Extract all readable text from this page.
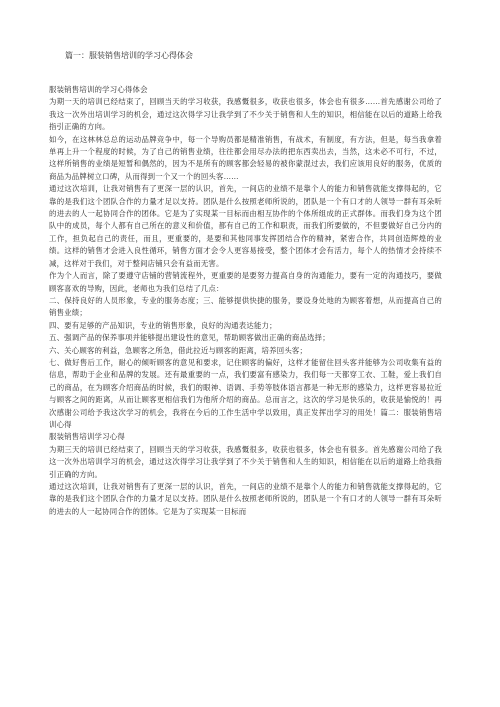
篇一：服装销售培训的学习心得体会

服装销售培训的学习心得体会

为期一天的培训已经结束了，回顾当天的学习收获，我感慨很多，收获也很多，体会也有很多……首先感谢公司给了我这一次外出培训学习的机会，通过这次得学习让我学到了不少关于销售和人生的知识，相信能在以后的道路上给我指引正确的方向。

如今，在这林林总总的运动品牌竞争中，每一个导购员都是精准销售，有战术，有制度，有方法，但是，每当我拿着单再上升一个程度的时候，为了自己的销售业绩，往往都会用尽办法的把东西卖出去，当然，这未必不可行，不过，这样所销售的业绩是短暂和偶然的，因为不是所有的顾客都会轻易的被你蒙混过去，我们应该用良好的服务，优质的商品为品牌树立口碑，从而得到一个又一个的回头客……

通过这次培训，让我对销售有了更深一层的认识，首先，一间店的业绩不是靠个人的能力和销售就能支撑得起的，它靠的是我们这个团队合作的力量才足以支持。团队是什么按照老师所说的，团队是一个有口才的人领导一群有耳朵听的进去的人一起协同合作的团体。它是为了实现某一目标而由相互协作的个体所组成的正式群体。而我们身为这个团队中的成员，每个人都有自己所在的意义和价值，都有自己的工作和职责，而我们所要做的，不但要做好自己分内的工作，担负起自己的责任，而且，更重要的，是要和其他同事发挥团结合作的精神，紧密合作，共同创造辉煌的业绩。这样的销售才会进入良性循环，销售方面才会令人更容易接受，整个团体才会有活力，每个人的热情才会持续不减，这样对于我们，对于整间店铺只会有益而无害。

作为个人而言，除了要遵守店铺的营销流程外，更重要的是要努力提高自身的沟通能力，要有一定的沟通技巧，要做顾客喜欢的导购，因此，老师也为我们总结了几点：

二、保持良好的人员形象，专业的服务态度；三、能够提供快捷的服务，要设身处地的为顾客着想，从而提高自己的销售业绩；

四、要有足够的产品知识，专业的销售形象，良好的沟通表达能力；

五、强调产品的保养事项并能够提出建设性的意见，帮助顾客做出正确的商品选择；

六、关心顾客的利益，急顾客之所急，借此拉近与顾客的距离，培养回头客；

七、做好售后工作，耐心的倾听顾客的意见和要求，记住顾客的偏好，这样才能留住回头客并能够为公司收集有益的信息，帮助于企业和品牌的发展。还有最重要的一点，我们要富有感染力，我们每一天都穿工衣、工鞋，爱上我们自己的商品，在为顾客介绍商品的时候，我们的眼神、语调、手势等肢体语言都是一种无形的感染力，这样更容易拉近与顾客之间的距离，从而让顾客更相信我们为他所介绍的商品。总而言之，这次的学习是快乐的，收获是愉悦的！再次感谢公司给予我这次学习的机会，我将在今后的工作生活中学以致用，真正发挥出学习的用处！篇二：服装销售培训心得

服装销售培训学习心得

为期三天的培训已经结束了，回顾当天的学习收获，我感慨很多，收获也很多，体会也有很多。首先感谢公司给了我这一次外出培训学习的机会，通过这次得学习让我学到了不少关于销售和人生的知识，相信能在以后的道路上给我指引正确的方向。

通过这次培训，让我对销售有了更深一层的认识，首先，一间店的业绩不是靠个人的能力和销售就能支撑得起的，它靠的是我们这个团队合作的力量才足以支持。团队是什么按照老师所说的，团队是一个有口才的人领导一群有耳朵听的进去的人一起协同合作的团体。它是为了实现某一目标而
